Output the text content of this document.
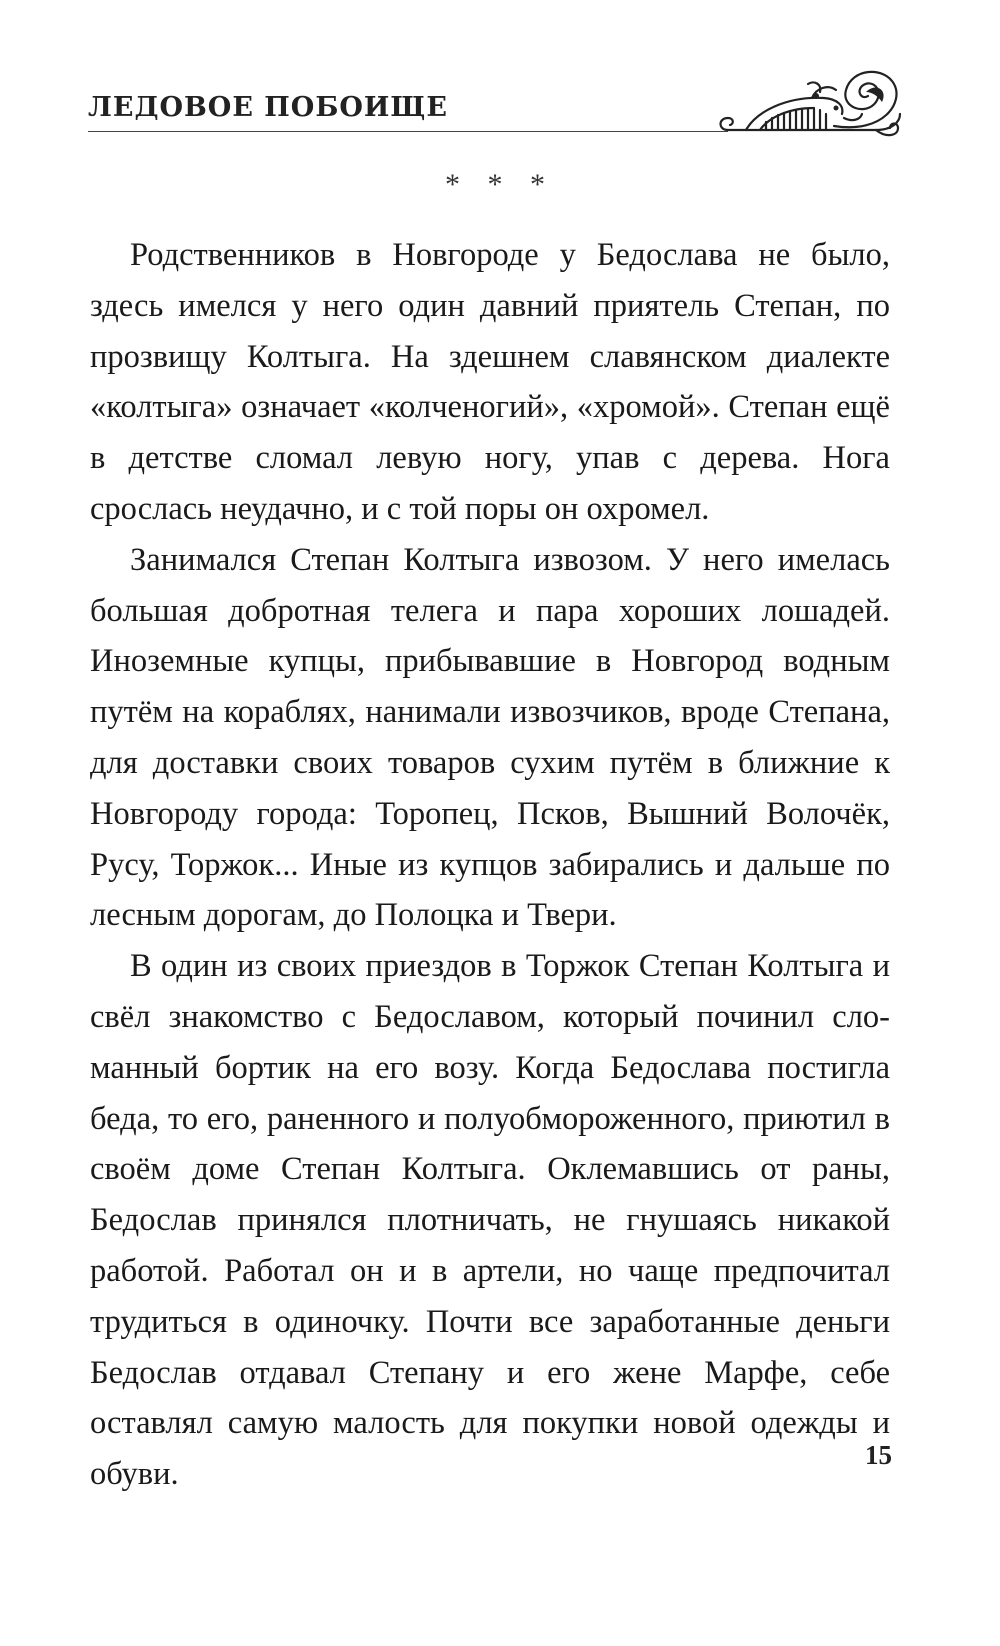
ЛЕДОВОЕ ПОБОИЩЕ
* * *

Родственников в Новгороде у Бедослава не было, здесь имелся у него один давний приятель Степан, по прозвищу Колтыга. На здешнем славянском диалекте «колтыга» означает «колченогий», «хромой». Степан ещё в детстве сломал левую ногу, упав с дерева. Нога срослась неудачно, и с той поры он охромел.

Занимался Степан Колтыга извозом. У него имелась большая добротная телега и пара хороших лошадей. Иноземные купцы, прибывавшие в Новгород водным путём на кораблях, нанимали извозчиков, вроде Степана, для доставки своих товаров сухим путём в ближние к Новгороду города: Торопец, Псков, Вышний Волочёк, Русу, Торжок... Иные из купцов забирались и дальше по лесным дорогам, до Полоцка и Твери.

В один из своих приездов в Торжок Степан Колтыга и свёл знакомство с Бедославом, который починил сломанный бортик на его возу. Когда Бедослава постигла беда, то его, раненного и полуобмороженного, приютил в своём доме Степан Колтыга. Оклемавшись от раны, Бедослав принялся плотничать, не гнушаясь никакой работой. Работал он и в артели, но чаще предпочитал трудиться в одиночку. Почти все заработанные деньги Бедослав отдавал Степану и его жене Марфе, себе оставлял самую малость для покупки новой одежды и обуви.

15
